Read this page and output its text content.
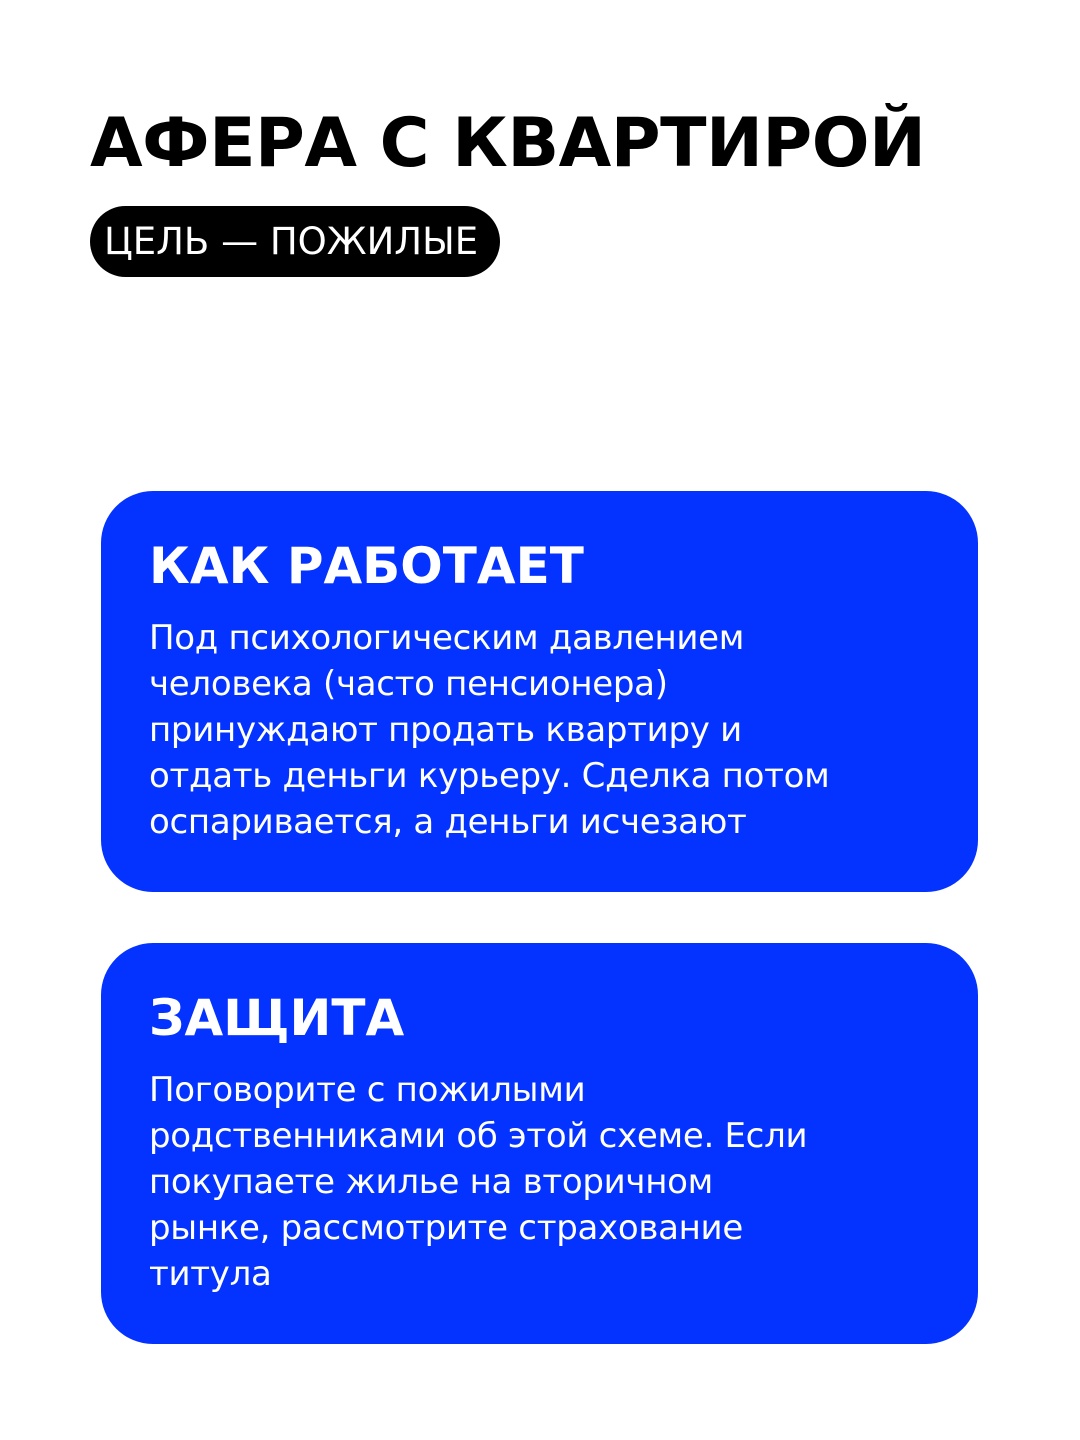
АФЕРА С КВАРТИРОЙ
ЦЕЛЬ — ПОЖИЛЫЕ
КАК РАБОТАЕТ

Под психологическим давлением
человека (часто пенсионера)
принуждают продать квартиру и
отдать деньги курьеру. Сделка потом
оспаривается, а деньги исчезают

ЗАЩИТА

Поговорите с пожилыми
родственниками об этой схеме. Если
покупаете жилье на вторичном
рынке, рассмотрите страхование
титула
